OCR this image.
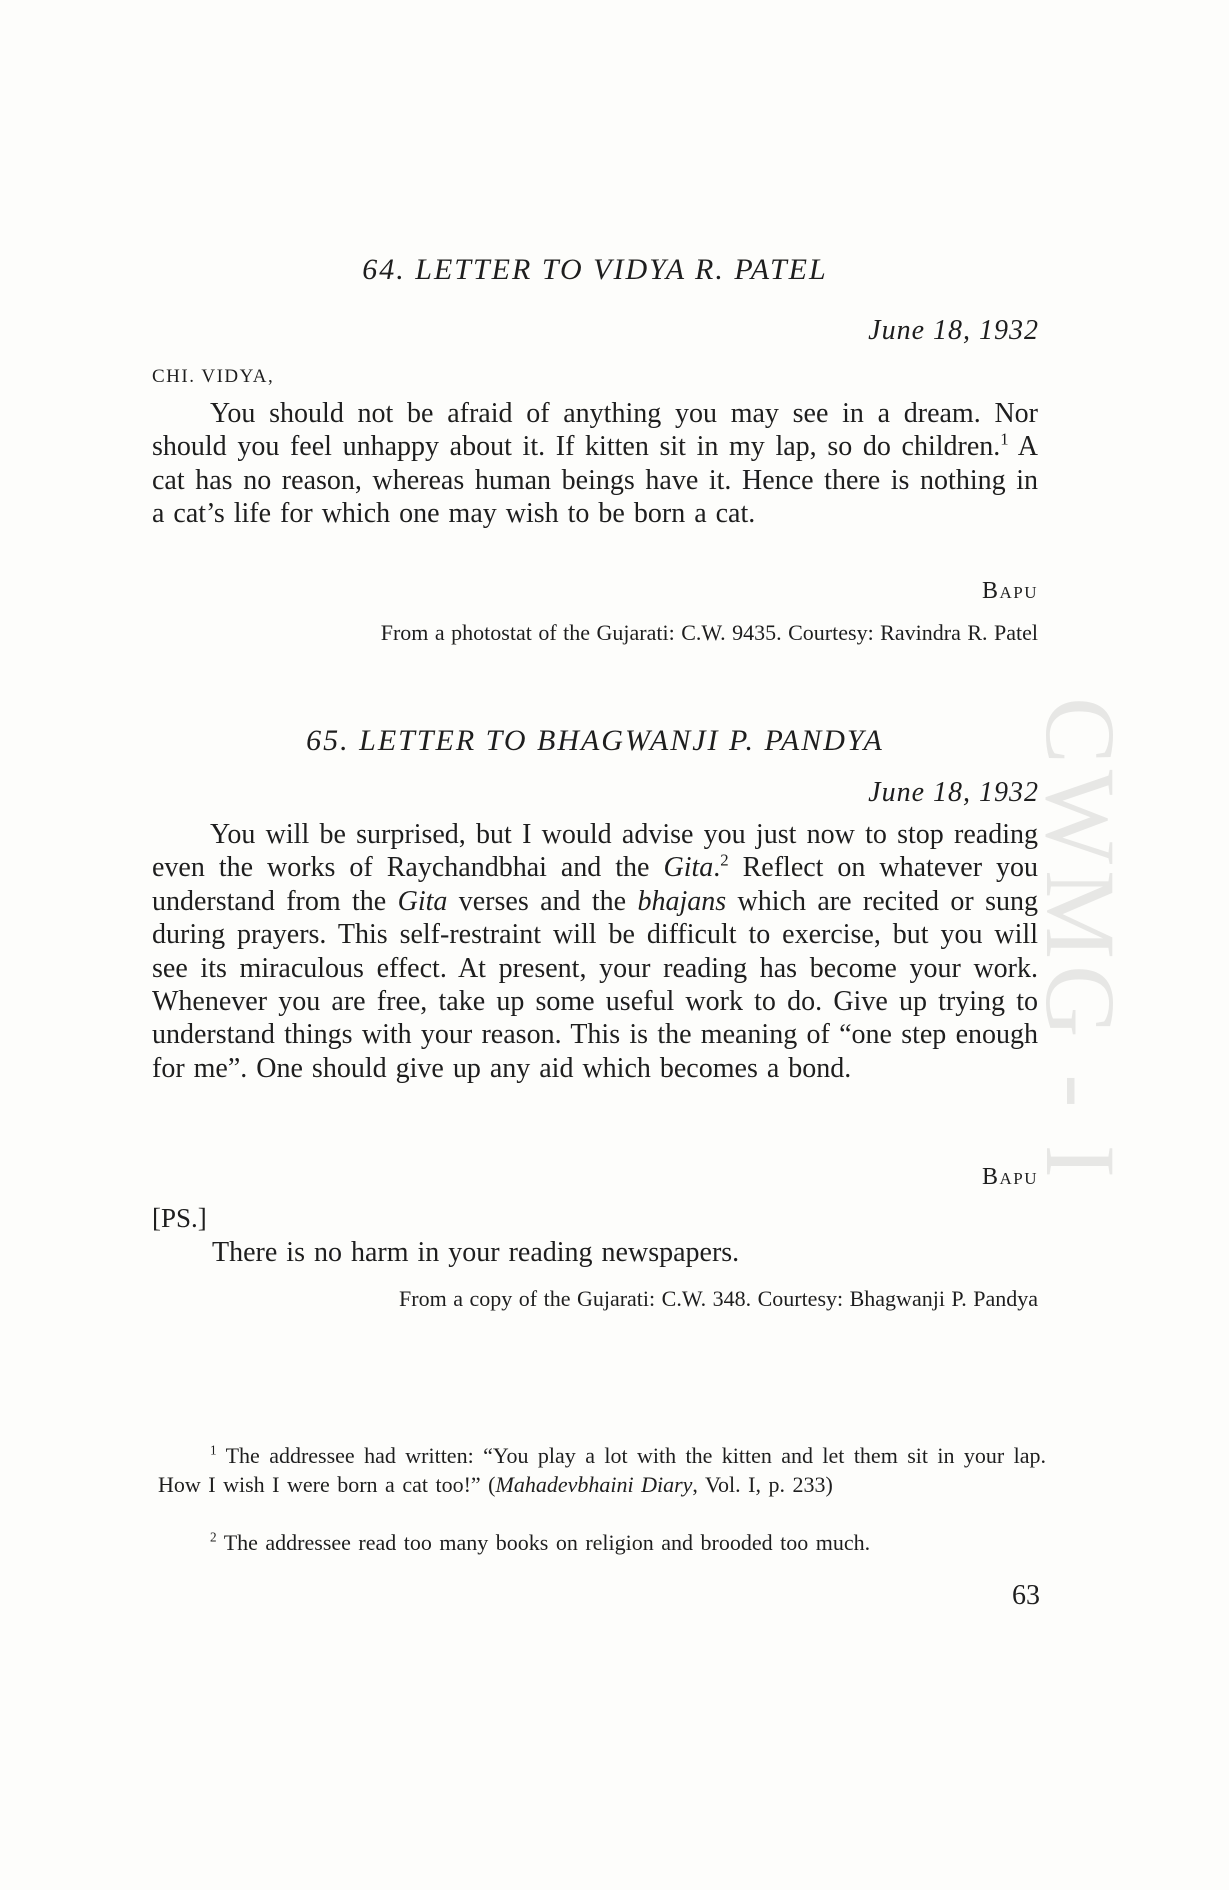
CWMG - I
64. LETTER TO VIDYA R. PATEL
June 18, 1932
CHI. VIDYA,

You should not be afraid of anything you may see in a dream. Nor should you feel unhappy about it. If kitten sit in my lap, so do children.$^1$ A cat has no reason, whereas human beings have it. Hence there is nothing in a cat’s life for which one may wish to be born a cat.

Bapu
From a photostat of the Gujarati: C.W. 9435. Courtesy: Ravindra R. Patel
65. LETTER TO BHAGWANJI P. PANDYA
June 18, 1932

You will be surprised, but I would advise you just now to stop reading even the works of Raychandbhai and the Gita.$^2$ Reflect on whatever you understand from the Gita verses and the bhajans which are recited or sung during prayers. This self-restraint will be difficult to exercise, but you will see its miraculous effect. At present, your reading has become your work. Whenever you are free, take up some useful work to do. Give up trying to understand things with your reason. This is the meaning of “one step enough for me”. One should give up any aid which becomes a bond.

Bapu
[PS.]
There is no harm in your reading newspapers.
From a copy of the Gujarati: C.W. 348. Courtesy: Bhagwanji P. Pandya

$^1$ The addressee had written: “You play a lot with the kitten and let them sit in your lap. How I wish I were born a cat too!” (Mahadevbhaini Diary, Vol. I, p. 233)

$^2$ The addressee read too many books on religion and brooded too much.

63
